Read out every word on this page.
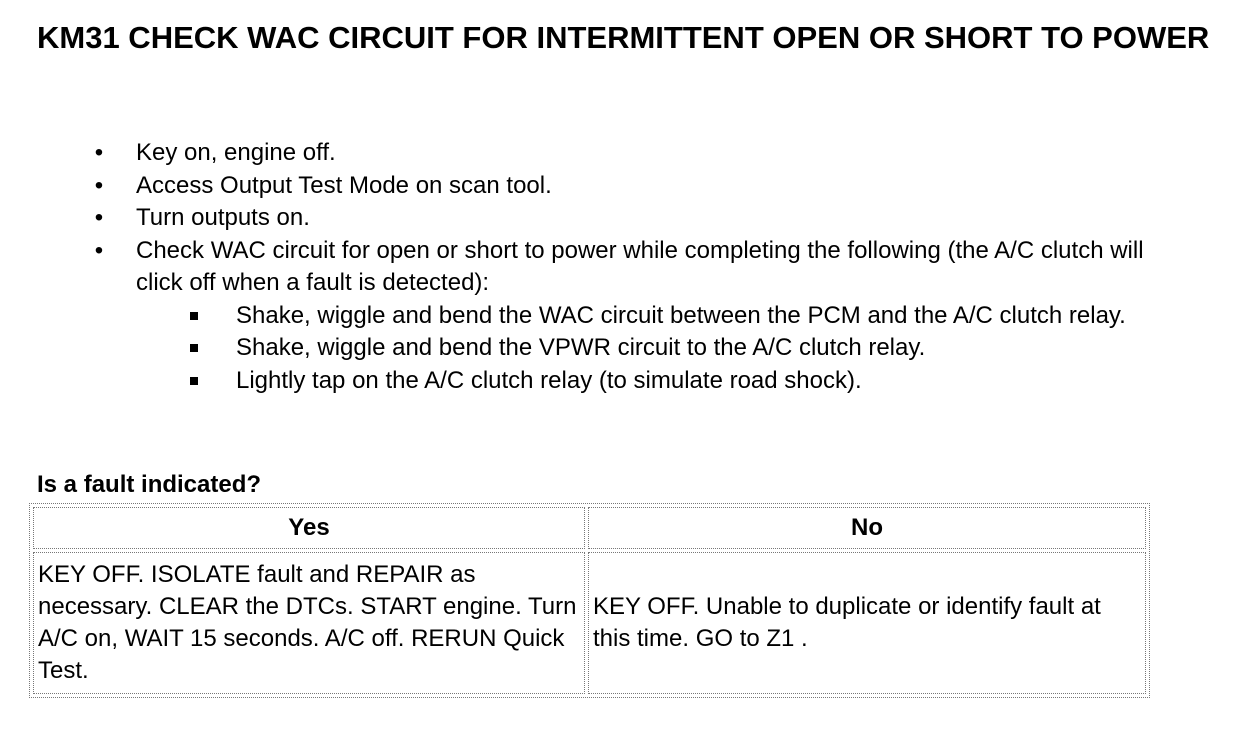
KM31 CHECK WAC CIRCUIT FOR INTERMITTENT OPEN OR SHORT TO POWER
• Key on, engine off.
• Access Output Test Mode on scan tool.
• Turn outputs on.
• Check WAC circuit for open or short to power while completing the following (the A/C clutch will click off when a fault is detected):
Shake, wiggle and bend the WAC circuit between the PCM and the A/C clutch relay.
Shake, wiggle and bend the VPWR circuit to the A/C clutch relay.
Lightly tap on the A/C clutch relay (to simulate road shock).

Is a fault indicated?

Yes	No
KEY OFF. ISOLATE fault and REPAIR as necessary. CLEAR the DTCs. START engine. Turn A/C on, WAIT 15 seconds. A/C off. RERUN Quick Test.	KEY OFF. Unable to duplicate or identify fault at this time. GO to Z1 .
